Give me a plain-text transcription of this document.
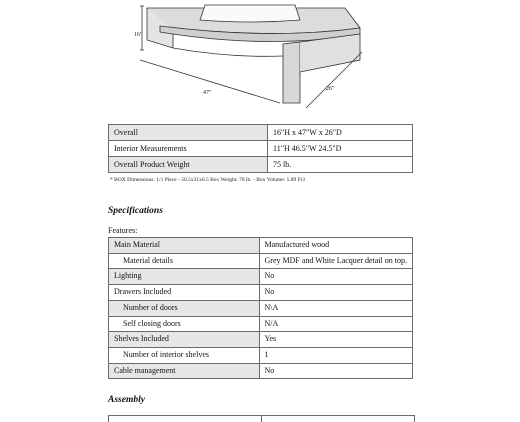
16"
47"
26"
Overall	16"H x 47"W x 26"D
Interior Measurements	11"H 46.5"W 24.5"D
Overall Product Weight	75 lb.
* BOX Dimensions: 1/1 Piece - 50.5x31x6.5 Box Weight: 78 lb. - Box Volume: 5.89 Ft3
Specifications
Features:
Main Material	Manufactured wood
Material details	Grey MDF and White Lacquer detail on top.
Lighting	No
Drawers Included	No
Number of doors	N\A
Self closing doors	N/A
Shelves Included	Yes
Number of interior shelves	1
Cable management	No
Assembly
